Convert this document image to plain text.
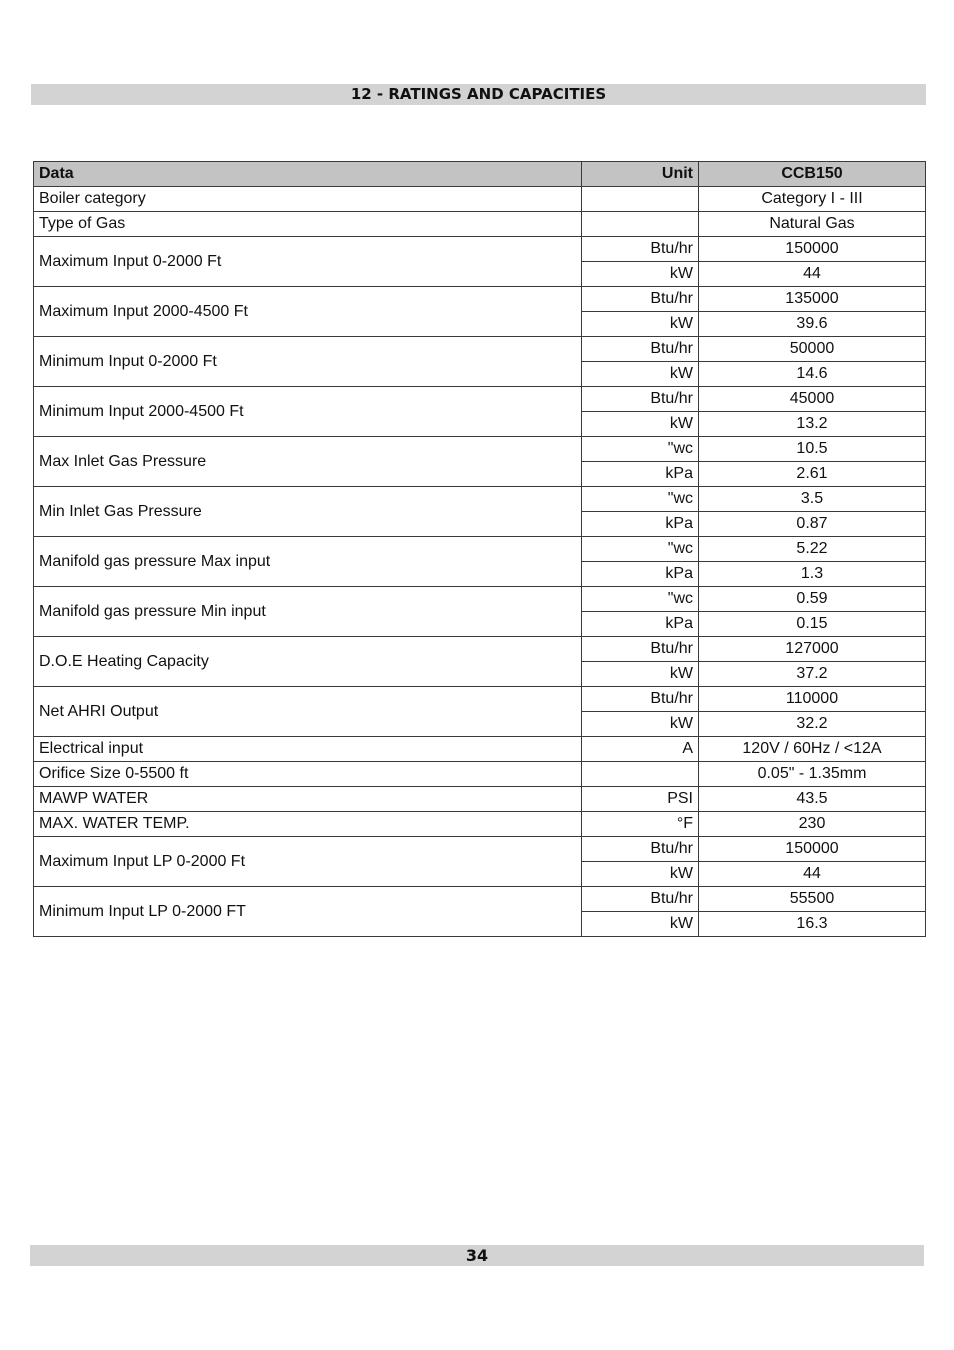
12 - RATINGS AND CAPACITIES
Data	Unit	CCB150
Boiler category		Category I - III
Type of Gas		Natural Gas
Maximum Input 0-2000 Ft	Btu/hr	150000
	kW	44
Maximum Input 2000-4500 Ft	Btu/hr	135000
	kW	39.6
Minimum Input 0-2000 Ft	Btu/hr	50000
	kW	14.6
Minimum Input 2000-4500 Ft	Btu/hr	45000
	kW	13.2
Max Inlet Gas Pressure	"wc	10.5
	kPa	2.61
Min Inlet Gas Pressure	"wc	3.5
	kPa	0.87
Manifold gas pressure Max input	"wc	5.22
	kPa	1.3
Manifold gas pressure Min input	"wc	0.59
	kPa	0.15
D.O.E Heating Capacity	Btu/hr	127000
	kW	37.2
Net AHRI Output	Btu/hr	110000
	kW	32.2
Electrical input	A	120V / 60Hz / <12A
Orifice Size 0-5500 ft		0.05" - 1.35mm
MAWP WATER	PSI	43.5
MAX. WATER TEMP.	°F	230
Maximum Input LP 0-2000 Ft	Btu/hr	150000
	kW	44
Minimum Input LP 0-2000 FT	Btu/hr	55500
	kW	16.3
34
